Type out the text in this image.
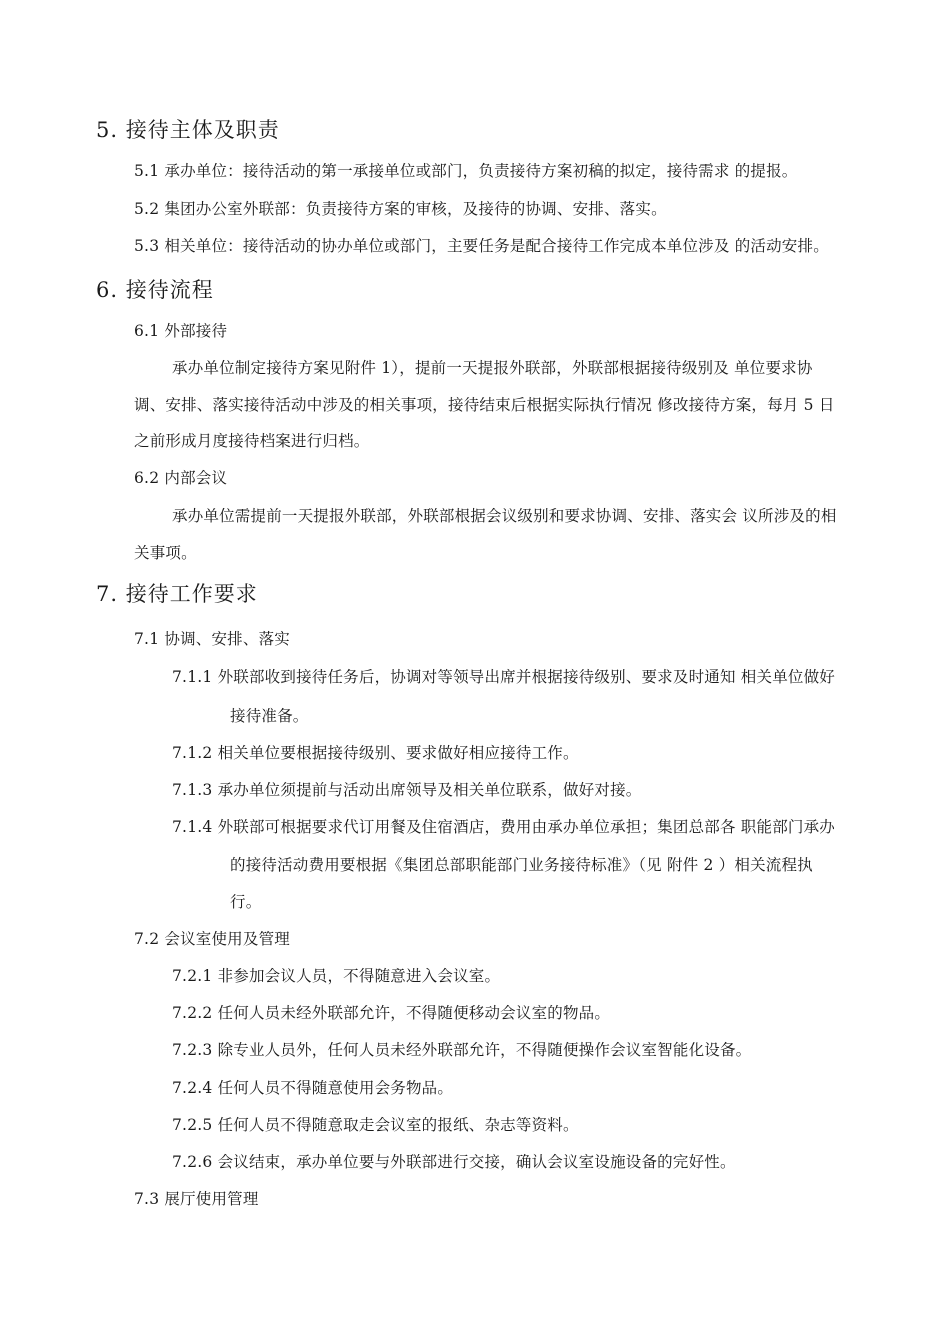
5. 接待主体及职责
5.1 承办单位：接待活动的第一承接单位或部门，负责接待方案初稿的拟定，接待需求 的提报。
5.2 集团办公室外联部：负责接待方案的审核，及接待的协调、安排、落实。
5.3 相关单位：接待活动的协办单位或部门，主要任务是配合接待工作完成本单位涉及 的活动安排。
6. 接待流程
6.1 外部接待
承办单位制定接待方案见附件 1），提前一天提报外联部，外联部根据接待级别及 单位要求协
调、安排、落实接待活动中涉及的相关事项，接待结束后根据实际执行情况 修改接待方案，每月 5 日
之前形成月度接待档案进行归档。
6.2 内部会议
承办单位需提前一天提报外联部，外联部根据会议级别和要求协调、安排、落实会 议所涉及的相
关事项。
7. 接待工作要求
7.1 协调、安排、落实
7.1.1 外联部收到接待任务后，协调对等领导出席并根据接待级别、要求及时通知 相关单位做好
接待准备。
7.1.2 相关单位要根据接待级别、要求做好相应接待工作。
7.1.3 承办单位须提前与活动出席领导及相关单位联系，做好对接。
7.1.4 外联部可根据要求代订用餐及住宿酒店，费用由承办单位承担；集团总部各 职能部门承办
的接待活动费用要根据《集团总部职能部门业务接待标准》（见 附件 2 ）相关流程执
行。
7.2 会议室使用及管理
7.2.1 非参加会议人员，不得随意进入会议室。
7.2.2 任何人员未经外联部允许，不得随便移动会议室的物品。
7.2.3 除专业人员外，任何人员未经外联部允许，不得随便操作会议室智能化设备。
7.2.4 任何人员不得随意使用会务物品。
7.2.5 任何人员不得随意取走会议室的报纸、杂志等资料。
7.2.6 会议结束，承办单位要与外联部进行交接，确认会议室设施设备的完好性。
7.3 展厅使用管理
